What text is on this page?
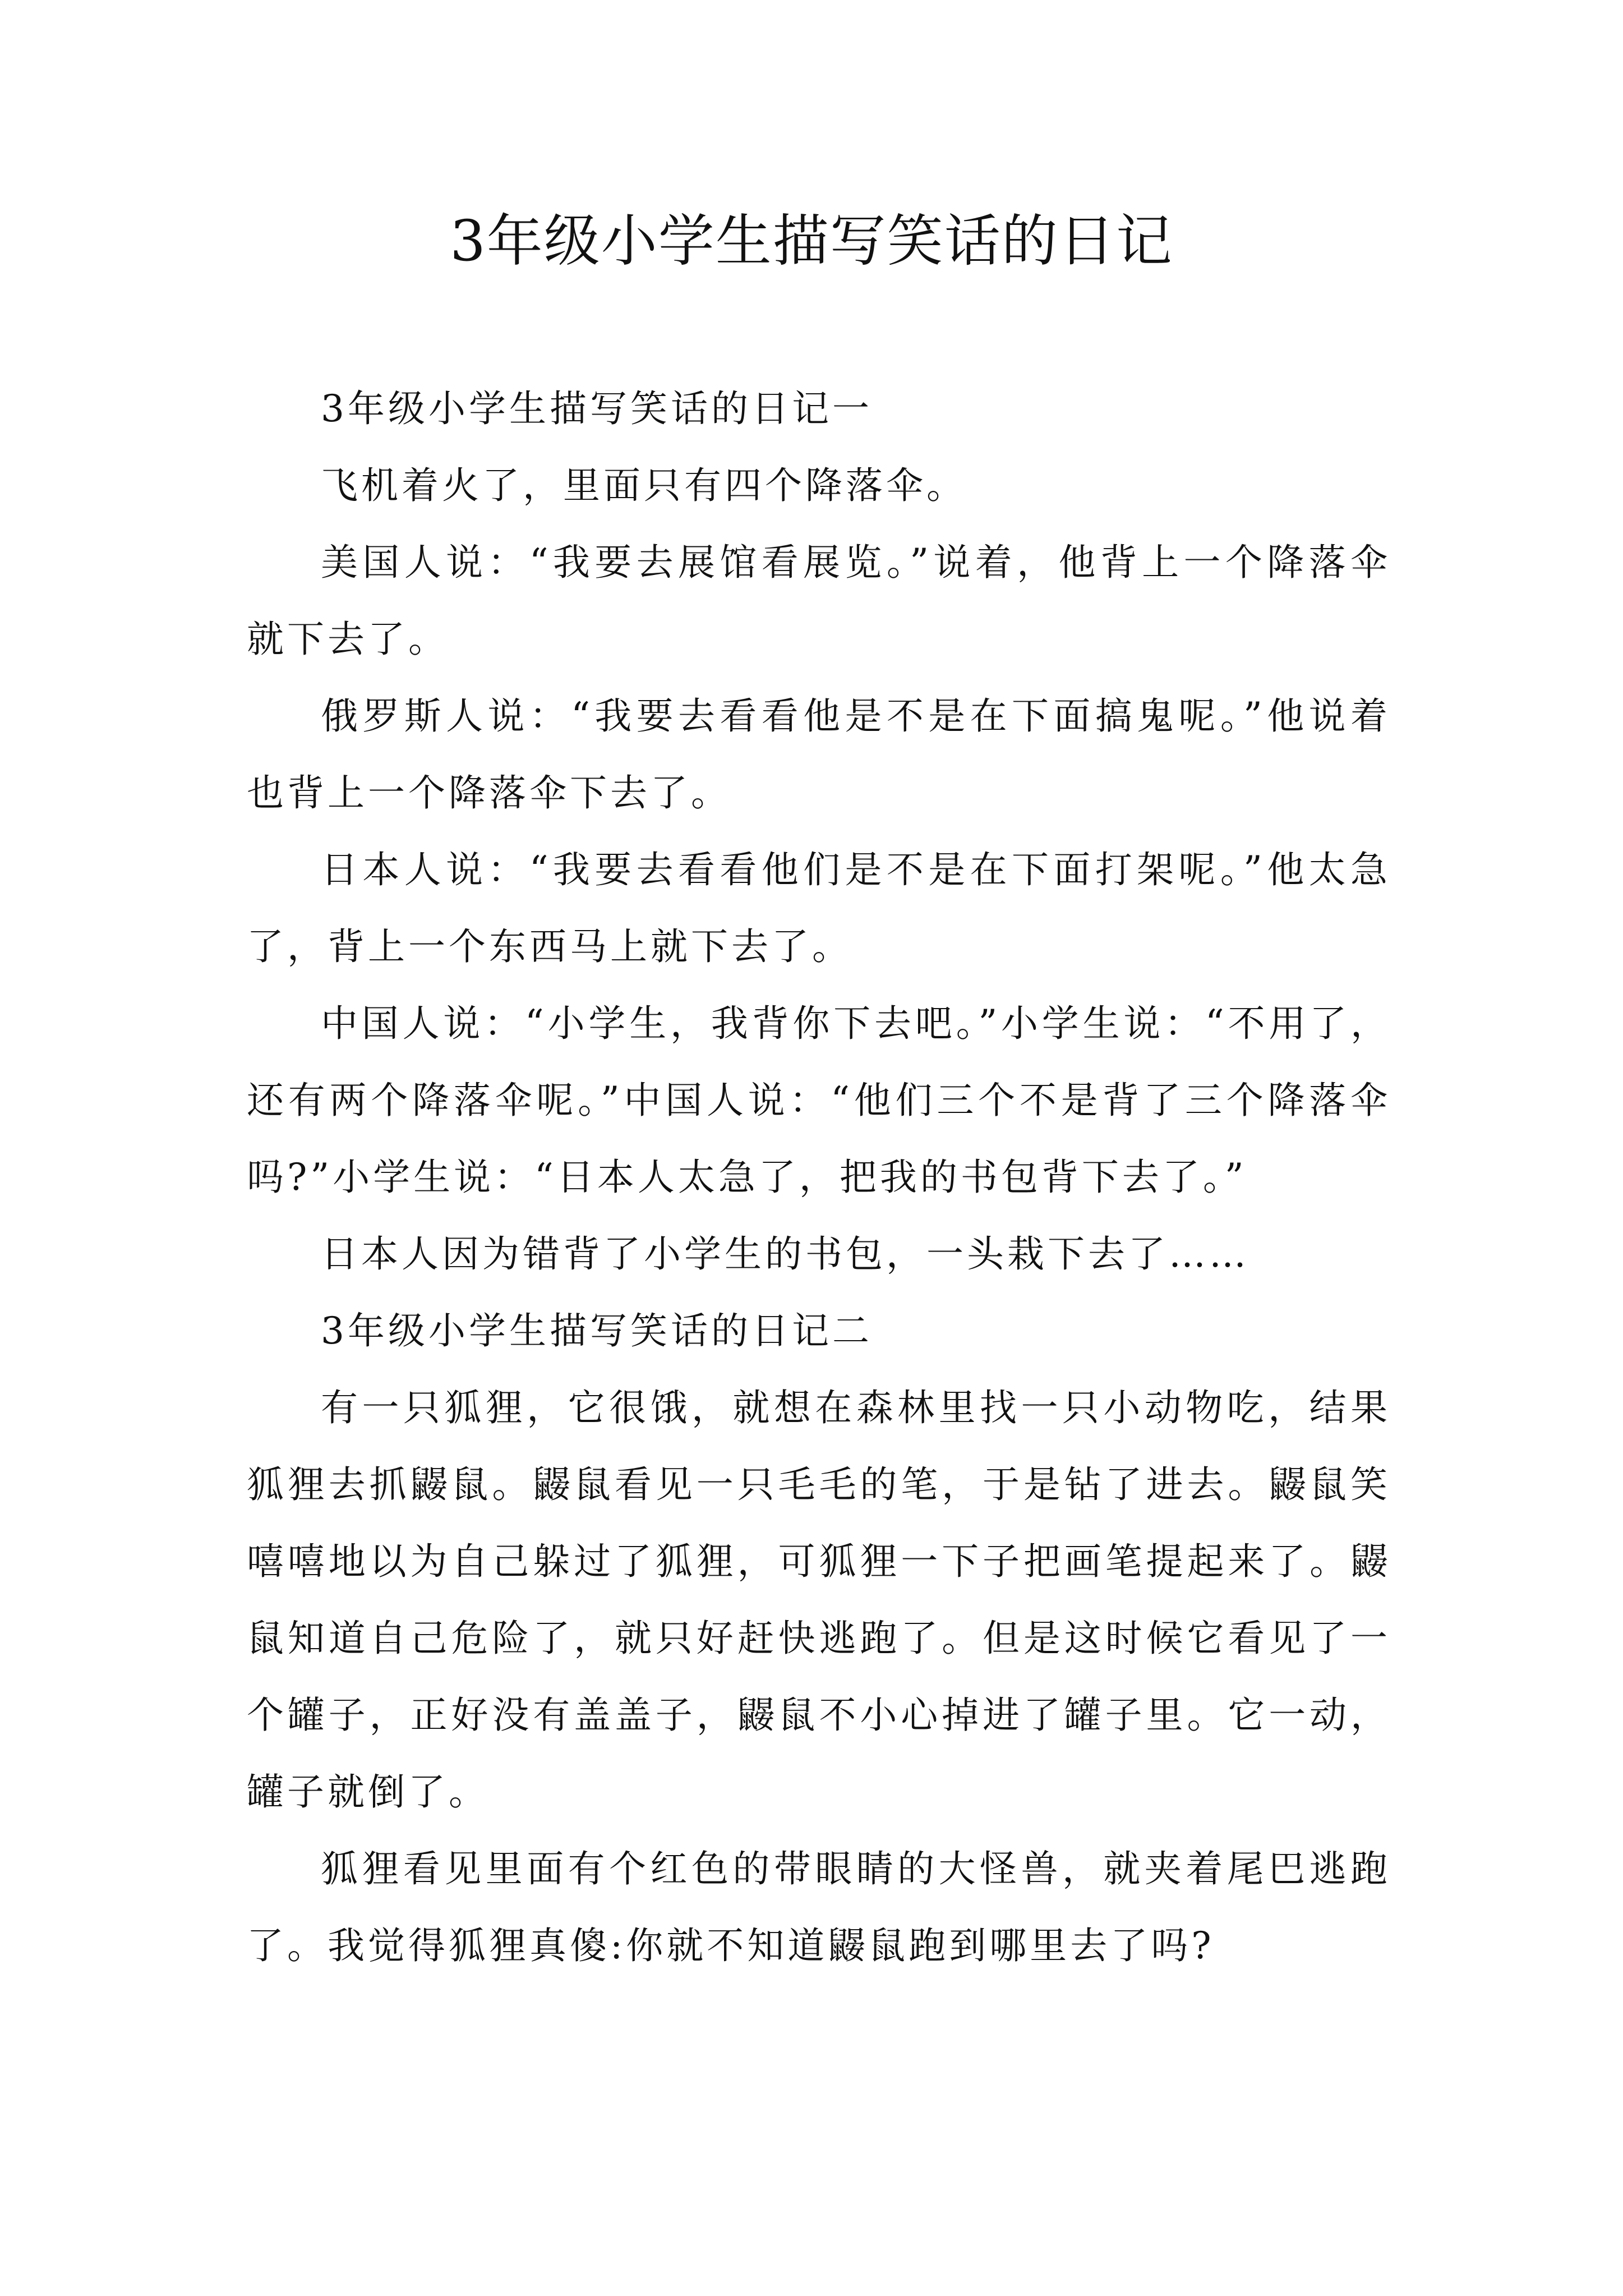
3年级小学生描写笑话的日记

3年级小学生描写笑话的日记一

飞机着火了，里面只有四个降落伞。

美国人说：“我要去展馆看展览。”说着，他背上一个降落伞就下去了。

俄罗斯人说：“我要去看看他是不是在下面搞鬼呢。”他说着也背上一个降落伞下去了。

日本人说：“我要去看看他们是不是在下面打架呢。”他太急了，背上一个东西马上就下去了。

中国人说：“小学生，我背你下去吧。”小学生说：“不用了，还有两个降落伞呢。”中国人说：“他们三个不是背了三个降落伞吗?”小学生说：“日本人太急了，把我的书包背下去了。”

日本人因为错背了小学生的书包，一头栽下去了……

3年级小学生描写笑话的日记二

有一只狐狸，它很饿，就想在森林里找一只小动物吃，结果狐狸去抓鼹鼠。鼹鼠看见一只毛毛的笔，于是钻了进去。鼹鼠笑嘻嘻地以为自己躲过了狐狸，可狐狸一下子把画笔提起来了。鼹鼠知道自己危险了，就只好赶快逃跑了。但是这时候它看见了一个罐子，正好没有盖盖子，鼹鼠不小心掉进了罐子里。它一动，罐子就倒了。

狐狸看见里面有个红色的带眼睛的大怪兽，就夹着尾巴逃跑了。我觉得狐狸真傻:你就不知道鼹鼠跑到哪里去了吗?
